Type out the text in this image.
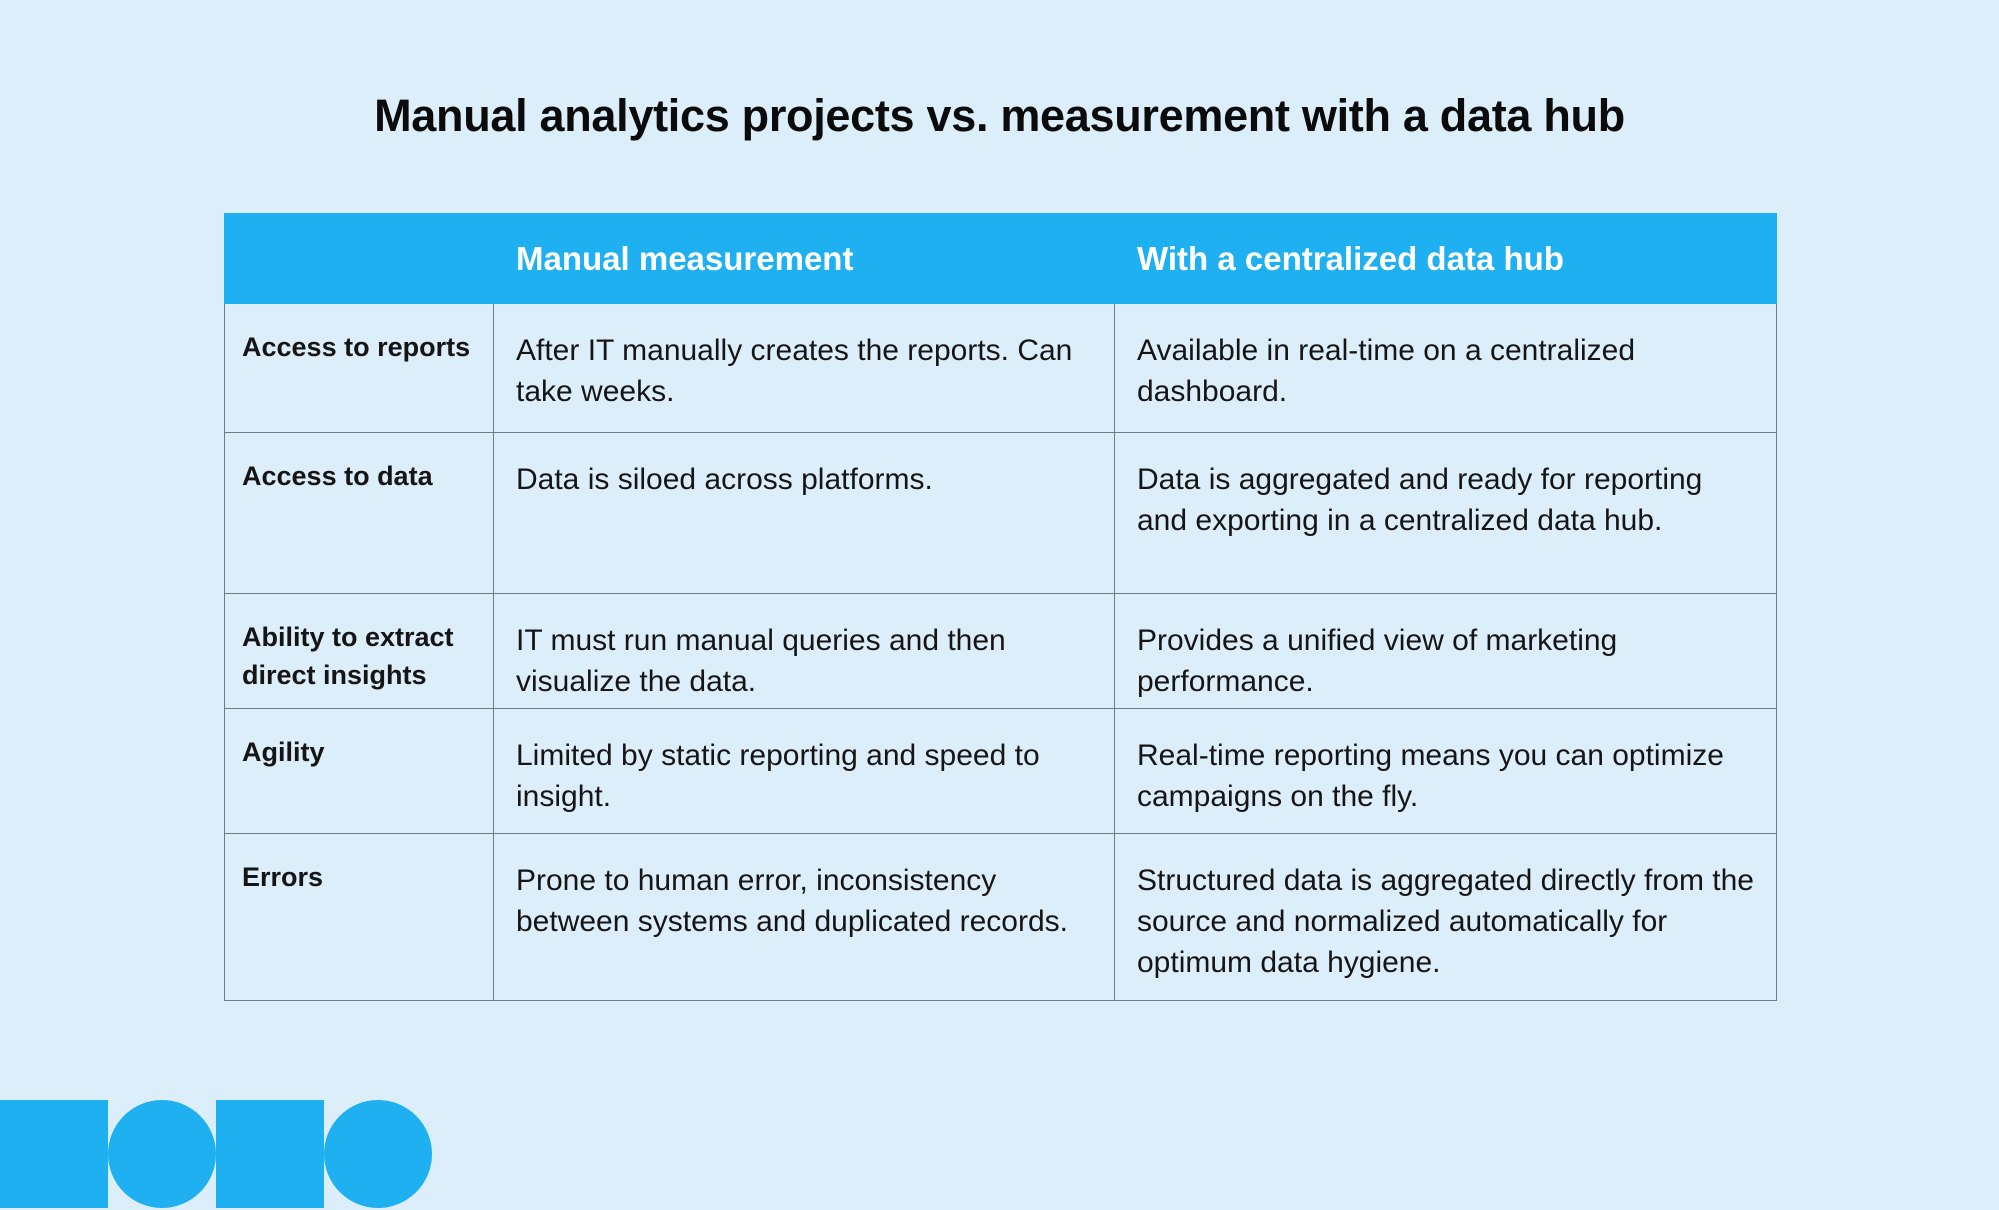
Manual analytics projects vs. measurement with a data hub
	Manual measurement	With a centralized data hub
Access to reports	After IT manually creates the reports. Can take weeks.	Available in real-time on a centralized dashboard.
Access to data	Data is siloed across platforms.	Data is aggregated and ready for reporting and exporting in a centralized data hub.
Ability to extract direct insights	IT must run manual queries and then visualize the data.	Provides a unified view of marketing performance.
Agility	Limited by static reporting and speed to insight.	Real-time reporting means you can optimize campaigns on the fly.
Errors	Prone to human error, inconsistency between systems and duplicated records.	Structured data is aggregated directly from the source and normalized automatically for optimum data hygiene.
